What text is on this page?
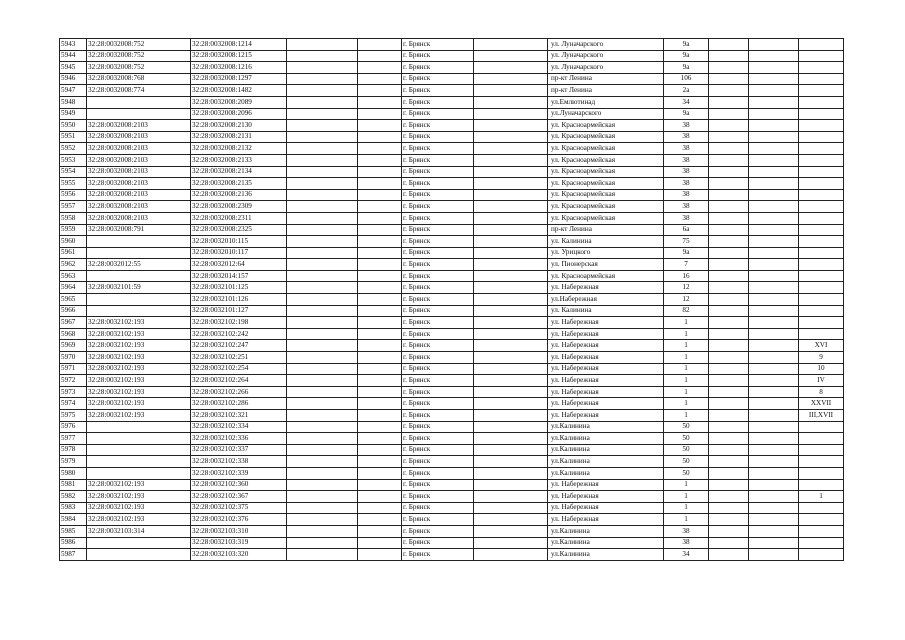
5943	32:28:0032008:752	32:28:0032008:1214			г. Брянск		ул. Луначарского	9а			
5944	32:28:0032008:752	32:28:0032008:1215			г. Брянск		ул. Луначарского	9а			
5945	32:28:0032008:752	32:28:0032008:1216			г. Брянск		ул. Луначарского	9а			
5946	32:28:0032008:768	32:28:0032008:1297			г. Брянск		пр-кт Ленина	106			
5947	32:28:0032008:774	32:28:0032008:1482			г. Брянск		пр-кт Ленина	2а			
5948		32:28:0032008:2089			г. Брянск		ул.Емлютинад	34			
5949		32:28:0032008:2096			г. Брянск		ул.Луначарского	9а			
5950	32:28:0032008:2103	32:28:0032008:2130			г. Брянск		ул. Красноармейская	38			
5951	32:28:0032008:2103	32:28:0032008:2131			г. Брянск		ул. Красноармейская	38			
5952	32:28:0032008:2103	32:28:0032008:2132			г. Брянск		ул. Красноармейская	38			
5953	32:28:0032008:2103	32:28:0032008:2133			г. Брянск		ул. Красноармейская	38			
5954	32:28:0032008:2103	32:28:0032008:2134			г. Брянск		ул. Красноармейская	38			
5955	32:28:0032008:2103	32:28:0032008:2135			г. Брянск		ул. Красноармейская	38			
5956	32:28:0032008:2103	32:28:0032008:2136			г. Брянск		ул. Красноармейская	38			
5957	32:28:0032008:2103	32:28:0032008:2309			г. Брянск		ул. Красноармейская	38			
5958	32:28:0032008:2103	32:28:0032008:2311			г. Брянск		ул. Красноармейская	38			
5959	32:28:0032008:791	32:28:0032008:2325			г. Брянск		пр-кт Ленина	6а			
5960		32:28:0032010:115			г. Брянск		ул. Калинина	75			
5961		32:28:0032010:117			г. Брянск		ул. Урицкого	9а			
5962	32:28:0032012:55	32:28:0032012:64			г. Брянск		ул. Пионерская	7			
5963		32:28:0032014:157			г. Брянск		ул. Красноармейская	16			
5964	32:28:0032101:59	32:28:0032101:125			г. Брянск		ул. Набережная	12			
5965		32:28:0032101:126			г. Брянск		ул.Набережная	12			
5966		32:28:0032101:127			г. Брянск		ул. Калинина	82			
5967	32:28:0032102:193	32:28:0032102:198			г. Брянск		ул. Набережная	1			
5968	32:28:0032102:193	32:28:0032102:242			г. Брянск		ул. Набережная	1			
5969	32:28:0032102:193	32:28:0032102:247			г. Брянск		ул. Набережная	1			XVI
5970	32:28:0032102:193	32:28:0032102:251			г. Брянск		ул. Набережная	1			9
5971	32:28:0032102:193	32:28:0032102:254			г. Брянск		ул. Набережная	1			10
5972	32:28:0032102:193	32:28:0032102:264			г. Брянск		ул. Набережная	1			IV
5973	32:28:0032102:193	32:28:0032102:266			г. Брянск		ул. Набережная	1			8
5974	32:28:0032102:193	32:28:0032102:286			г. Брянск		ул. Набережная	1			XXVII
5975	32:28:0032102:193	32:28:0032102:321			г. Брянск		ул. Набережная	1			III,XVII
5976		32:28:0032102:334			г. Брянск		ул.Калинина	50			
5977		32:28:0032102:336			г. Брянск		ул.Калинина	50			
5978		32:28:0032102:337			г. Брянск		ул.Калинина	50			
5979		32:28:0032102:338			г. Брянск		ул.Калинина	50			
5980		32:28:0032102:339			г. Брянск		ул.Калинина	50			
5981	32:28:0032102:193	32:28:0032102:360			г. Брянск		ул. Набережная	1			
5982	32:28:0032102:193	32:28:0032102:367			г. Брянск		ул. Набережная	1			1
5983	32:28:0032102:193	32:28:0032102:375			г. Брянск		ул. Набережная	1			
5984	32:28:0032102:193	32:28:0032102:376			г. Брянск		ул. Набережная	1			
5985	32:28:0032103:314	32:28:0032103:310			г. Брянск		ул.Калинина	38			
5986		32:28:0032103:319			г. Брянск		ул.Калинина	38			
5987		32:28:0032103:320			г. Брянск		ул.Калинина	34			
